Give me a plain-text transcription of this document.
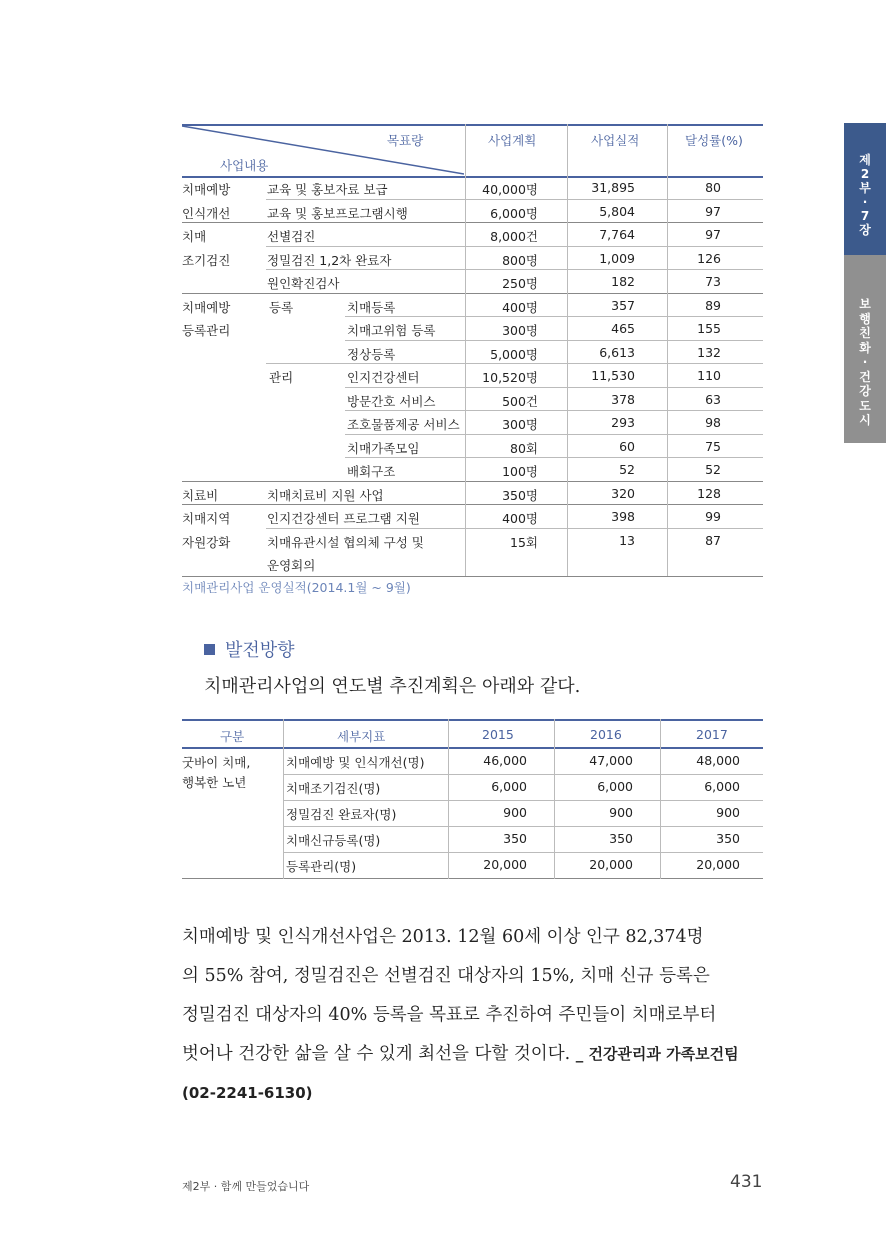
제
2
부
·
7
장
보
행
친
화
·
건
강
도
시
목표량
사업내용
사업계획	사업실적	달성률(%)
치매예방	교육 및 홍보자료 보급	40,000명	31,895	80
인식개선	교육 및 홍보프로그램시행	6,000명	5,804	97
치매	선별검진	8,000건	7,764	97
조기검진	정밀검진 1,2차 완료자	800명	1,009	126
원인확진검사	250명	182	73
치매예방	등록	치매등록	400명	357	89
등록관리	치매고위험 등록	300명	465	155
정상등록	5,000명	6,613	132
관리	인지건강센터	10,520명	11,530	110
방문간호 서비스	500건	378	63
조호물품제공 서비스	300명	293	98
치매가족모임	80회	60	75
배회구조	100명	52	52
치료비	치매치료비 지원 사업	350명	320	128
치매지역	인지건강센터 프로그램 지원	400명	398	99
자원강화	치매유관시설 협의체 구성 및	15회	13	87
운영회의
치매관리사업 운영실적(2014.1월 ~ 9월)
발전방향
치매관리사업의 연도별 추진계획은 아래와 같다.
구분	세부지표	2015	2016	2017
굿바이 치매,
행복한 노년
치매예방 및 인식개선(명)	46,000	47,000	48,000
치매조기검진(명)	6,000	6,000	6,000
정밀검진 완료자(명)	900	900	900
치매신규등록(명)	350	350	350
등록관리(명)	20,000	20,000	20,000
치매예방 및 인식개선사업은 2013. 12월 60세 이상 인구 82,374명
의 55% 참여, 정밀검진은 선별검진 대상자의 15%, 치매 신규 등록은
정밀검진 대상자의 40% 등록을 목표로 추진하여 주민들이 치매로부터
벗어나 건강한 삶을 살 수 있게 최선을 다할 것이다. _ 건강관리과 가족보건팀
(02-2241-6130)
제2부 · 함께 만들었습니다	431
